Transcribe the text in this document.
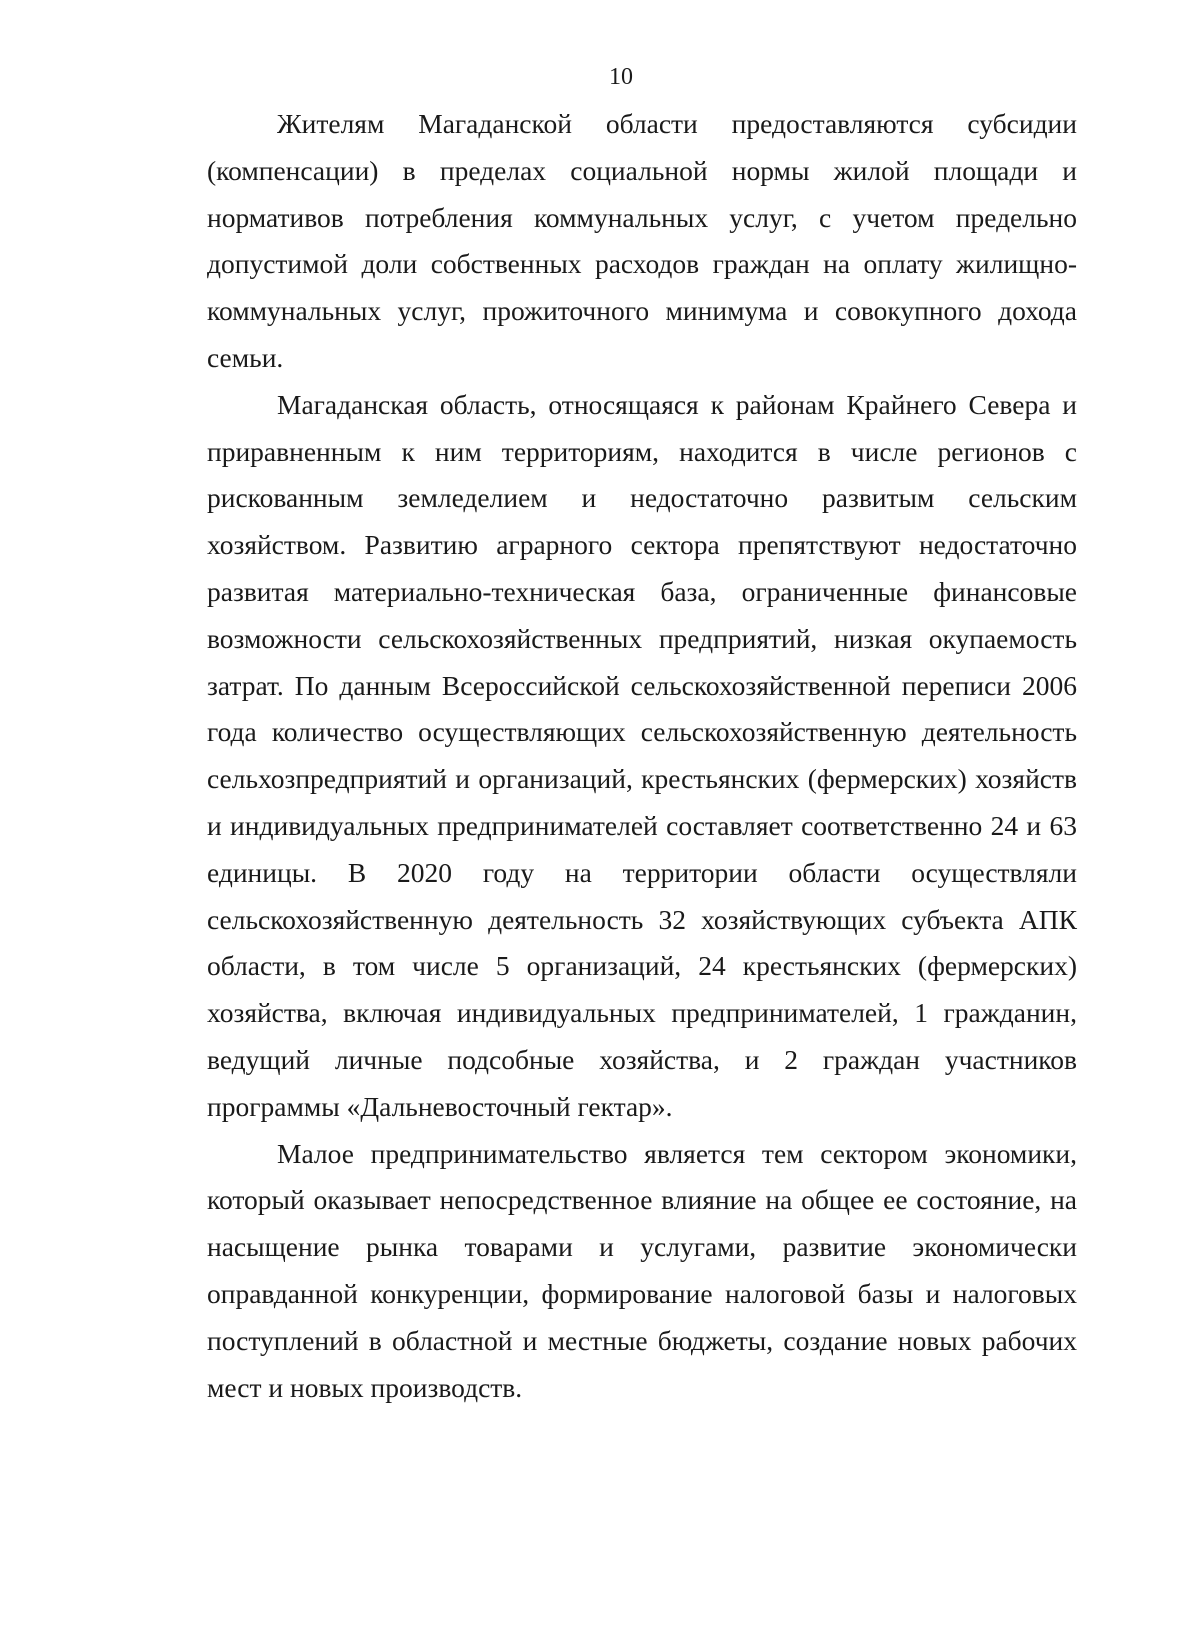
10

Жителям Магаданской области предоставляются субсидии (компенсации) в пределах социальной нормы жилой площади и нормативов потребления коммунальных услуг, с учетом предельно допустимой доли собственных расходов граждан на оплату жилищно-коммунальных услуг, прожиточного минимума и совокупного дохода семьи.

Магаданская область, относящаяся к районам Крайнего Севера и приравненным к ним территориям, находится в числе регионов с рискованным земледелием и недостаточно развитым сельским хозяйством. Развитию аграрного сектора препятствуют недостаточно развитая материально-техническая база, ограниченные финансовые возможности сельскохозяйственных предприятий, низкая окупаемость затрат. По данным Всероссийской сельскохозяйственной переписи 2006 года количество осуществляющих сельскохозяйственную деятельность сельхозпредприятий и организаций, крестьянских (фермерских) хозяйств и индивидуальных предпринимателей составляет соответственно 24 и 63 единицы. В 2020 году на территории области осуществляли сельскохозяйственную деятельность 32 хозяйствующих субъекта АПК области, в том числе 5 организаций, 24 крестьянских (фермерских) хозяйства, включая индивидуальных предпринимателей, 1 гражданин, ведущий личные подсобные хозяйства, и 2 граждан участников программы «Дальневосточный гектар».

Малое предпринимательство является тем сектором экономики, который оказывает непосредственное влияние на общее ее состояние, на насыщение рынка товарами и услугами, развитие экономически оправданной конкуренции, формирование налоговой базы и налоговых поступлений в областной и местные бюджеты, создание новых рабочих мест и новых производств.
